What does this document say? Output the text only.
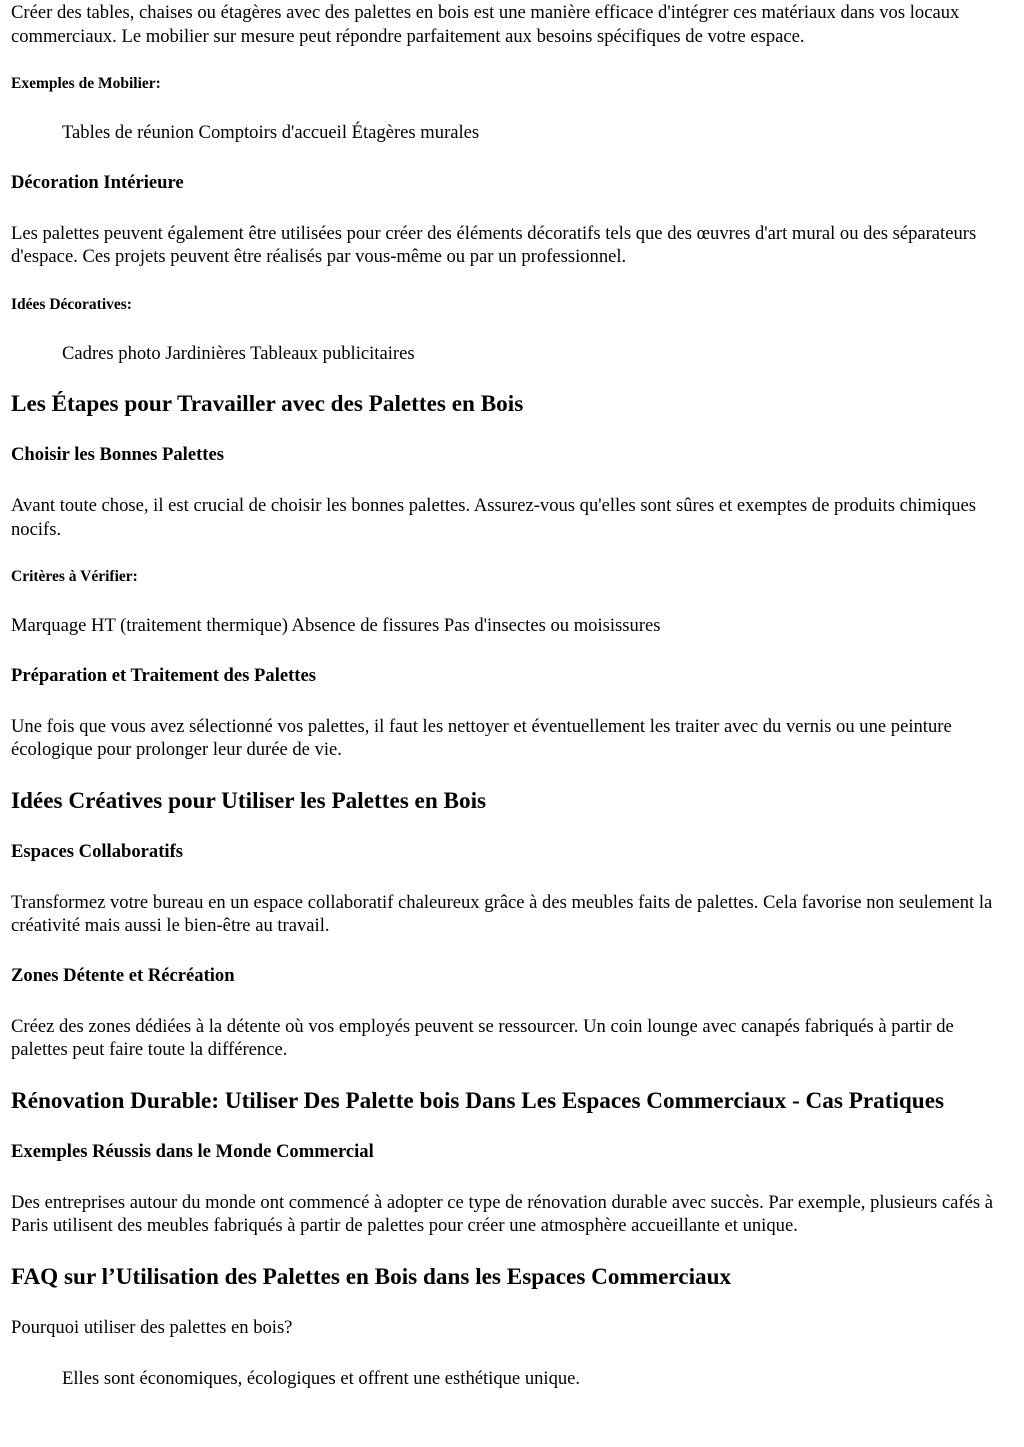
Créer des tables, chaises ou étagères avec des palettes en bois est une manière efficace d'intégrer ces matériaux dans vos locaux commerciaux. Le mobilier sur mesure peut répondre parfaitement aux besoins spécifiques de votre espace.

Exemples de Mobilier:

Tables de réunion Comptoirs d'accueil Étagères murales

Décoration Intérieure

Les palettes peuvent également être utilisées pour créer des éléments décoratifs tels que des œuvres d'art mural ou des séparateurs d'espace. Ces projets peuvent être réalisés par vous-même ou par un professionnel.

Idées Décoratives:

Cadres photo Jardinières Tableaux publicitaires

Les Étapes pour Travailler avec des Palettes en Bois
Choisir les Bonnes Palettes

Avant toute chose, il est crucial de choisir les bonnes palettes. Assurez-vous qu'elles sont sûres et exemptes de produits chimiques nocifs.

Critères à Vérifier:

Marquage HT (traitement thermique) Absence de fissures Pas d'insectes ou moisissures

Préparation et Traitement des Palettes

Une fois que vous avez sélectionné vos palettes, il faut les nettoyer et éventuellement les traiter avec du vernis ou une peinture écologique pour prolonger leur durée de vie.

Idées Créatives pour Utiliser les Palettes en Bois
Espaces Collaboratifs

Transformez votre bureau en un espace collaboratif chaleureux grâce à des meubles faits de palettes. Cela favorise non seulement la créativité mais aussi le bien-être au travail.

Zones Détente et Récréation

Créez des zones dédiées à la détente où vos employés peuvent se ressourcer. Un coin lounge avec canapés fabriqués à partir de palettes peut faire toute la différence.

Rénovation Durable: Utiliser Des Palette bois Dans Les Espaces Commerciaux - Cas Pratiques
Exemples Réussis dans le Monde Commercial

Des entreprises autour du monde ont commencé à adopter ce type de rénovation durable avec succès. Par exemple, plusieurs cafés à Paris utilisent des meubles fabriqués à partir de palettes pour créer une atmosphère accueillante et unique.

FAQ sur l’Utilisation des Palettes en Bois dans les Espaces Commerciaux

Pourquoi utiliser des palettes en bois?

Elles sont économiques, écologiques et offrent une esthétique unique.
